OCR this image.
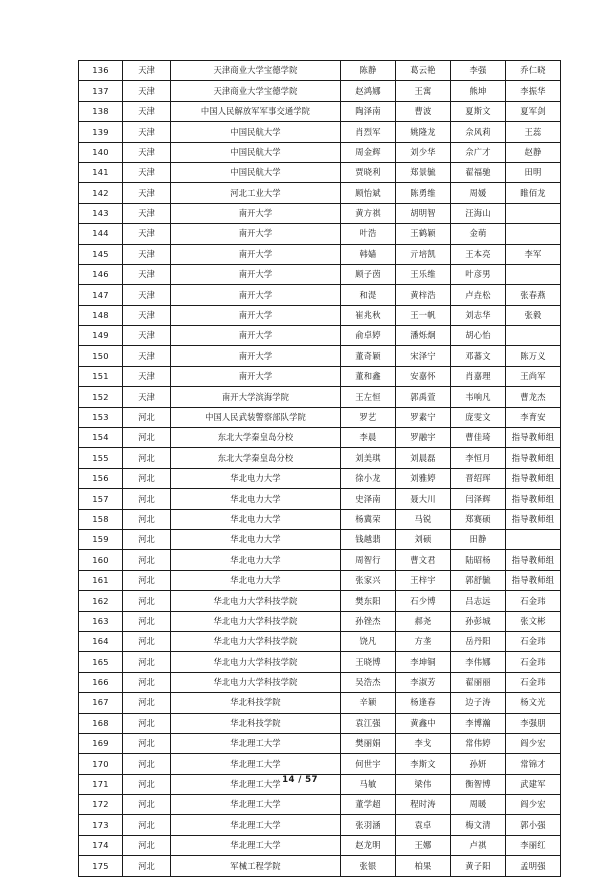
136	天津	天津商业大学宝德学院	陈静	葛云艳	李强	乔仁晓
137	天津	天津商业大学宝德学院	赵鸿娜	王寓	熊坤	李振华
138	天津	中国人民解放军军事交通学院	陶泽南	曹波	夏斯文	夏军剑
139	天津	中国民航大学	肖烈军	姚隆龙	佘风莉	王蕊
140	天津	中国民航大学	周金辉	刘少华	佘广才	赵静
141	天津	中国民航大学	贾晓利	郑景毓	翟福驰	田明
142	天津	河北工业大学	顾怡斌	陈勇维	周媛	睢佰龙
143	天津	南开大学	黄方祺	胡明智	汪海山	
144	天津	南开大学	叶浩	王鹤颖	金萌	
145	天津	南开大学	韩嫱	亓培凯	王本亮	李军
146	天津	南开大学	顾子茵	王乐维	叶彦男	
147	天津	南开大学	和湜	黄梓浩	卢垚松	张春燕
148	天津	南开大学	崔兆秋	王一帆	刘志华	张毅
149	天津	南开大学	俞卓婷	潘烁炯	胡心怡	
150	天津	南开大学	董奇颖	宋泽宁	邓蕃文	陈万义
151	天津	南开大学	董和鑫	安嘉怀	肖嘉理	王尚军
152	天津	南开大学滨海学院	王左恒	郭禹萱	韦响凡	曹龙杰
153	河北	中国人民武装警察部队学院	罗艺	罗素宁	庞雯文	李育安
154	河北	东北大学秦皇岛分校	李晨	罗融宇	曹佳琦	指导教师组
155	河北	东北大学秦皇岛分校	刘美琪	刘晨磊	李恒月	指导教师组
156	河北	华北电力大学	徐小龙	刘雅婷	晋绍珲	指导教师组
157	河北	华北电力大学	史泽南	聂大川	闫泽辉	指导教师组
158	河北	华北电力大学	杨冀荣	马锐	郑赛硕	指导教师组
159	河北	华北电力大学	钱越翡	刘硕	田静	
160	河北	华北电力大学	周智行	曹文君	陆昭杨	指导教师组
161	河北	华北电力大学	张家兴	王梓宇	郭舒毓	指导教师组
162	河北	华北电力大学科技学院	樊东阳	石少博	吕志远	石金玮
163	河北	华北电力大学科技学院	孙锉杰	郝尧	孙彭城	张文彬
164	河北	华北电力大学科技学院	饶凡	方垄	岳丹阳	石金玮
165	河北	华北电力大学科技学院	王晓博	李坤铜	李伟娜	石金玮
166	河北	华北电力大学科技学院	吴浩杰	李淑芳	翟丽丽	石金玮
167	河北	华北科技学院	辛颖	杨逢春	边子涛	杨文光
168	河北	华北科技学院	袁江强	黄鑫中	李博瀚	李强朋
169	河北	华北理工大学	樊丽娟	李戈	常伟婷	阎少宏
170	河北	华北理工大学	何世宇	李斯文	孙妍	常锦才
171	河北	华北理工大学	马敏	梁伟	衡智博	武建军
172	河北	华北理工大学	董学超	程时涛	周暖	阎少宏
173	河北	华北理工大学	张羽涵	袁卓	梅文清	郭小强
174	河北	华北理工大学	赵龙明	王娜	卢祺	李丽红
175	河北	军械工程学院	张银	柏果	黄子阳	孟明强
14 / 57
